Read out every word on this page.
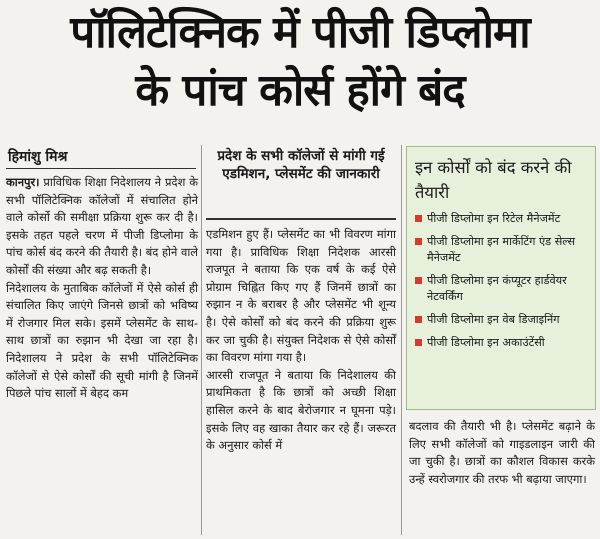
पॉलिटेक्निक में पीजी डिप्लोमा
के पांच कोर्स होंगे बंद
हिमांशु मिश्र

कानपुर। प्राविधिक शिक्षा निदेशालय ने प्रदेश के सभी पॉलिटेक्निक कॉलेजों में संचालित होने वाले कोर्सो की समीक्षा प्रक्रिया शुरू कर दी है। इसके तहत पहले चरण में पीजी डिप्लोमा के पांच कोर्स बंद करने की तैयारी है। बंद होने वाले कोर्सों की संख्या और बढ़ सकती है।

निदेशालय के मुताबिक कॉलेजों में ऐसे कोर्स ही संचालित किए जाएंगे जिनसे छात्रों को भविष्य में रोजगार मिल सके। इसमें प्लेसमेंट के साथ-साथ छात्रों का रुझान भी देखा जा रहा है। निदेशालय ने प्रदेश के सभी पॉलिटेक्निक कॉलेजों से ऐसे कोर्सों की सूची मांगी है जिनमें पिछले पांच सालों में बेहद कम

प्रदेश के सभी कॉलेजों से मांगी गई एडमिशन, प्लेसमेंट की जानकारी

एडमिशन हुए हैं। प्लेसमेंट का भी विवरण मांगा गया है। प्राविधिक शिक्षा निदेशक आरसी राजपूत ने बताया कि एक वर्ष के कई ऐसे प्रोग्राम चिह्नित किए गए हैं जिनमें छात्रों का रुझान न के बराबर है और प्लेसमेंट भी शून्य है। ऐसे कोर्सों को बंद करने की प्रक्रिया शुरू कर जा चुकी है। संयुक्त निदेशक से ऐसे कोर्सों का विवरण मांगा गया है।

आरसी राजपूत ने बताया कि निदेशालय की प्राथमिकता है कि छात्रों को अच्छी शिक्षा हासिल करने के बाद बेरोजगार न घूमना पड़े। इसके लिए वह खाका तैयार कर रहे हैं। जरूरत के अनुसार कोर्स में

इन कोर्सों को बंद करने की तैयारी
पीजी डिप्लोमा इन रिटेल मैनेजमेंट
पीजी डिप्लोमा इन मार्केटिंग एंड सेल्स मैनेजमेंट
पीजी डिप्लोमा इन कंप्यूटर हार्डवेयर नेटवर्किंग
पीजी डिप्लोमा इन वेब डिजाइनिंग
पीजी डिप्लोमा इन अकाउंटेंसी

बदलाव की तैयारी भी है। प्लेसमेंट बढ़ाने के लिए सभी कॉलेजों को गाइडलाइन जारी की जा चुकी है। छात्रों का कौशल विकास करके उन्हें स्वरोजगार की तरफ भी बढ़ाया जाएगा।
